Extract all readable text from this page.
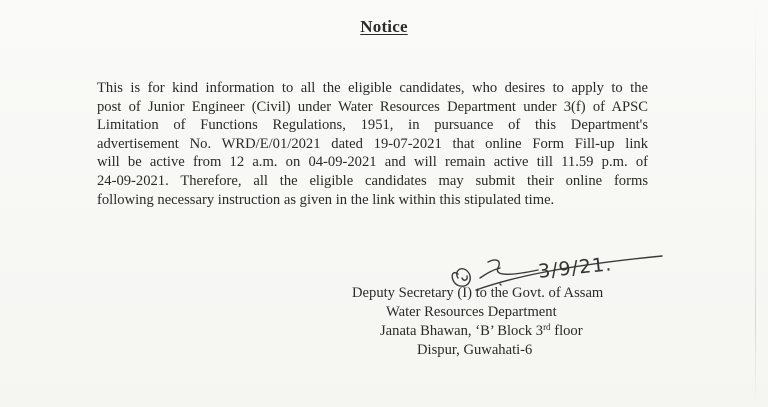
Notice
This is for kind information to all the eligible candidates, who desires to apply to the
post of Junior Engineer (Civil) under Water Resources Department under 3(f) of APSC
Limitation of Functions Regulations, 1951, in pursuance of this Department's
advertisement No. WRD/E/01/2021 dated 19-07-2021 that online Form Fill-up link
will be active from 12 a.m. on 04-09-2021 and will remain active till 11.59 p.m. of
24-09-2021. Therefore, all the eligible candidates may submit their online forms
following necessary instruction as given in the link within this stipulated time.
3/9/21.
Deputy Secretary (I) to the Govt. of Assam
Water Resources Department
Janata Bhawan, ‘B’ Block 3rd floor
Dispur, Guwahati-6
